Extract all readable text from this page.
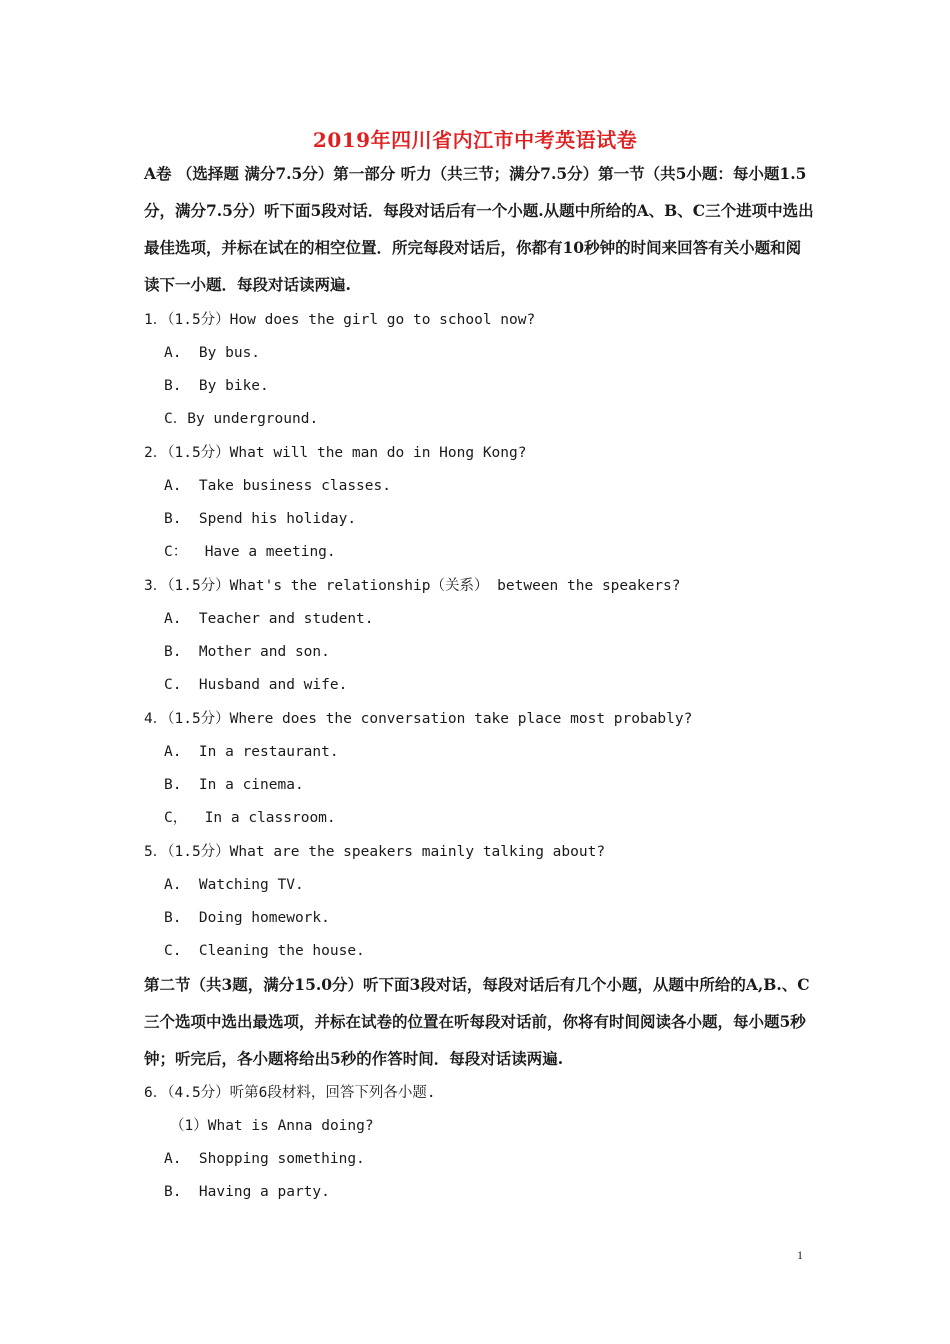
2019年四川省内江市中考英语试卷
A卷 （选择题 满分7.5分）第一部分 听力（共三节；满分7.5分）第一节（共5小题：每小题1.5分，满分7.5分）听下面5段对话．每段对话后有一个小题.从题中所给的A、B、C三个进项中选出最佳选项，并标在试在的相空位置．所完每段对话后，你都有10秒钟的时间来回答有关小题和阅读下一小题．每段对话读两遍.
1．（1.5分）How does the girl go to school now?
A.  By bus.
B.  By bike.
C．By underground.
2．（1.5分）What will the man do in Hong Kong?
A.  Take business classes.
B.  Spend his holiday.
C：  Have a meeting.
3．（1.5分）What's the relationship（关系） between the speakers?
A.  Teacher and student.
B.  Mother and son.
C.  Husband and wife.
4．（1.5分）Where does the conversation take place most probably?
A.  In a restaurant.
B.  In a cinema.
C，  In a classroom.
5．（1.5分）What are the speakers mainly talking about?
A.  Watching TV.
B.  Doing homework.
C.  Cleaning the house.
第二节（共3题，满分15.0分）听下面3段对话，每段对话后有几个小题，从题中所给的A,B.、C三个选项中选出最选项，并标在试卷的位置在听每段对话前，你将有时间阅读各小题，每小题5秒钟；听完后，各小题将给出5秒的作答时间．每段对话读两遍.
6．（4.5分）听第6段材料，回答下列各小题.
（1）What is Anna doing?
A.  Shopping something.
B.  Having a party.
1
